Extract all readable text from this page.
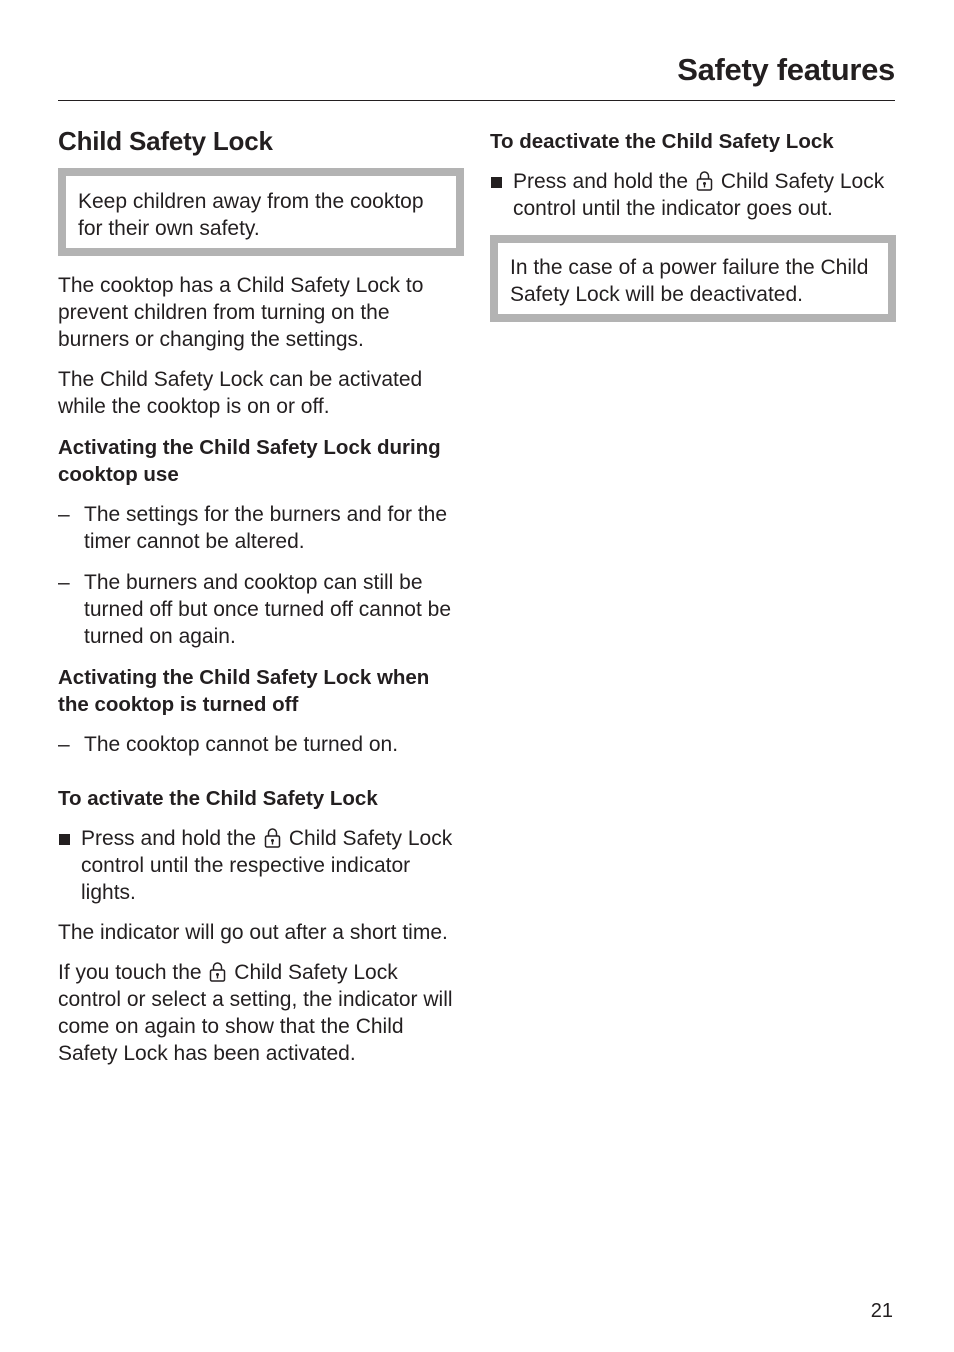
Safety features
Child Safety Lock

Keep children away from the cooktop for their own safety.

The cooktop has a Child Safety Lock to prevent children from turning on the burners or changing the settings.

The Child Safety Lock can be activated while the cooktop is on or off.

Activating the Child Safety Lock during cooktop use
– The settings for the burners and for the timer cannot be altered.
– The burners and cooktop can still be turned off but once turned off cannot be turned on again.
Activating the Child Safety Lock when the cooktop is turned off
– The cooktop cannot be turned on.
To activate the Child Safety Lock
Press and hold the Child Safety Lock control until the respective indicator lights.

The indicator will go out after a short time.

If you touch the Child Safety Lock control or select a setting, the indicator will come on again to show that the Child Safety Lock has been activated.

To deactivate the Child Safety Lock
Press and hold the Child Safety Lock control until the indicator goes out.

In the case of a power failure the Child Safety Lock will be deactivated.

21
